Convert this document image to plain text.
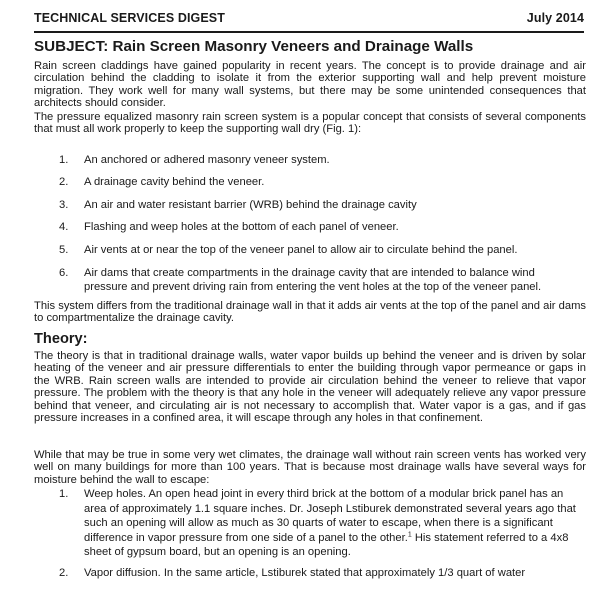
TECHNICAL SERVICES DIGEST	July 2014
SUBJECT: Rain Screen Masonry Veneers and Drainage Walls

Rain screen claddings have gained popularity in recent years. The concept is to provide drainage and air circulation behind the cladding to isolate it from the exterior supporting wall and help prevent moisture migration. They work well for many wall systems, but there may be some unintended consequences that architects should consider.

The pressure equalized masonry rain screen system is a popular concept that consists of several components that must all work properly to keep the supporting wall dry (Fig. 1):

1.	An anchored or adhered masonry veneer system.
2.	A drainage cavity behind the veneer.
3.	An air and water resistant barrier (WRB) behind the drainage cavity
4.	Flashing and weep holes at the bottom of each panel of veneer.
5.	Air vents at or near the top of the veneer panel to allow air to circulate behind the panel.
6.	Air dams that create compartments in the drainage cavity that are intended to balance wind pressure and prevent driving rain from entering the vent holes at the top of the veneer panel.

This system differs from the traditional drainage wall in that it adds air vents at the top of the panel and air dams to compartmentalize the drainage cavity.

Theory:

The theory is that in traditional drainage walls, water vapor builds up behind the veneer and is driven by solar heating of the veneer and air pressure differentials to enter the building through vapor permeance or gaps in the WRB. Rain screen walls are intended to provide air circulation behind the veneer to relieve that vapor pressure. The problem with the theory is that any hole in the veneer will adequately relieve any vapor pressure behind that veneer, and circulating air is not necessary to accomplish that. Water vapor is a gas, and if gas pressure increases in a confined area, it will escape through any holes in that confinement.

While that may be true in some very wet climates, the drainage wall without rain screen vents has worked very well on many buildings for more than 100 years. That is because most drainage walls have several ways for moisture behind the wall to escape:

1.	Weep holes. An open head joint in every third brick at the bottom of a modular brick panel has an area of approximately 1.1 square inches. Dr. Joseph Lstiburek demonstrated several years ago that such an opening will allow as much as 30 quarts of water to escape, when there is a significant difference in vapor pressure from one side of a panel to the other.$^1$ His statement referred to a 4x8 sheet of gypsum board, but an opening is an opening.
2.	Vapor diffusion. In the same article, Lstiburek stated that approximately 1/3 quart of water
